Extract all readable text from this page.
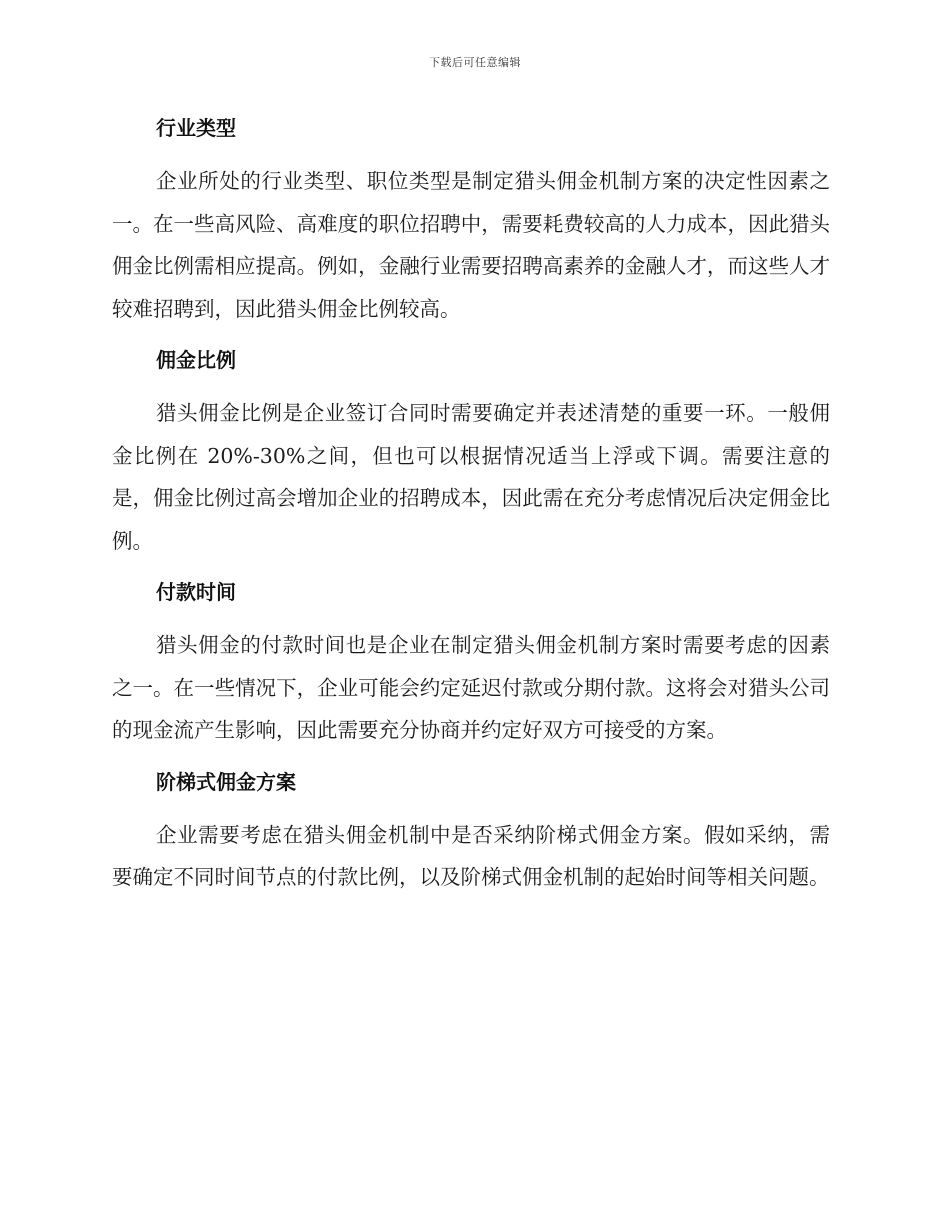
下载后可任意编辑
行业类型

企业所处的行业类型、职位类型是制定猎头佣金机制方案的决定性因素之一。在一些高风险、高难度的职位招聘中，需要耗费较高的人力成本，因此猎头佣金比例需相应提高。例如，金融行业需要招聘高素养的金融人才，而这些人才较难招聘到，因此猎头佣金比例较高。

佣金比例

猎头佣金比例是企业签订合同时需要确定并表述清楚的重要一环。一般佣金比例在 20%-30%之间，但也可以根据情况适当上浮或下调。需要注意的是，佣金比例过高会增加企业的招聘成本，因此需在充分考虑情况后决定佣金比例。

付款时间

猎头佣金的付款时间也是企业在制定猎头佣金机制方案时需要考虑的因素之一。在一些情况下，企业可能会约定延迟付款或分期付款。这将会对猎头公司的现金流产生影响，因此需要充分协商并约定好双方可接受的方案。

阶梯式佣金方案

企业需要考虑在猎头佣金机制中是否采纳阶梯式佣金方案。假如采纳，需要确定不同时间节点的付款比例，以及阶梯式佣金机制的起始时间等相关问题。
